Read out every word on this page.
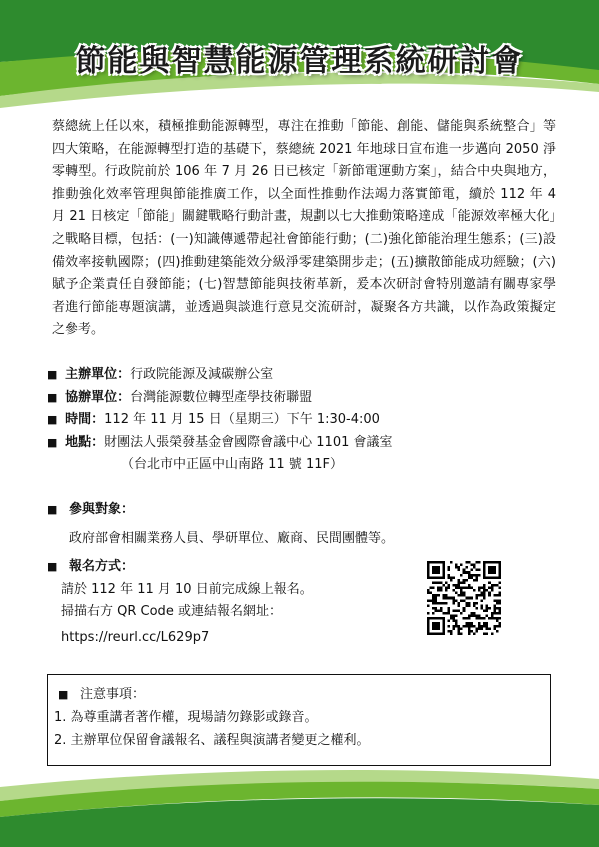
節能與智慧能源管理系統研討會
蔡總統上任以來，積極推動能源轉型，專注在推動「節能、創能、儲能與系統整合」等四大策略，在能源轉型打造的基礎下，蔡總統 2021 年地球日宣布進一步邁向 2050 淨零轉型。行政院前於 106 年 7 月 26 日已核定「新節電運動方案」，結合中央與地方，推動強化效率管理與節能推廣工作，以全面性推動作法竭力落實節電，續於 112 年 4 月 21 日核定「節能」關鍵戰略行動計畫，規劃以七大推動策略達成「能源效率極大化」之戰略目標，包括：(一)知識傳遞帶起社會節能行動；(二)強化節能治理生態系；(三)設備效率接軌國際；(四)推動建築能效分級淨零建築開步走；(五)擴散節能成功經驗；(六)賦予企業責任自發節能；(七)智慧節能與技術革新，爰本次研討會特別邀請有關專家學者進行節能專題演講，並透過與談進行意見交流研討，凝聚各方共識，以作為政策擬定之參考。
■ 主辦單位：行政院能源及減碳辦公室
■ 協辦單位：台灣能源數位轉型產學技術聯盟
■ 時間：112 年 11 月 15 日（星期三）下午 1:30-4:00
■ 地點：財團法人張榮發基金會國際會議中心 1101 會議室
（台北市中正區中山南路 11 號 11F）
■ 參與對象：
政府部會相關業務人員、學研單位、廠商、民間團體等。
■ 報名方式：
請於 112 年 11 月 10 日前完成線上報名。
掃描右方 QR Code 或連結報名網址：
https://reurl.cc/L629p7
■ 注意事項：
1. 為尊重講者著作權，現場請勿錄影或錄音。
2. 主辦單位保留會議報名、議程與演講者變更之權利。
